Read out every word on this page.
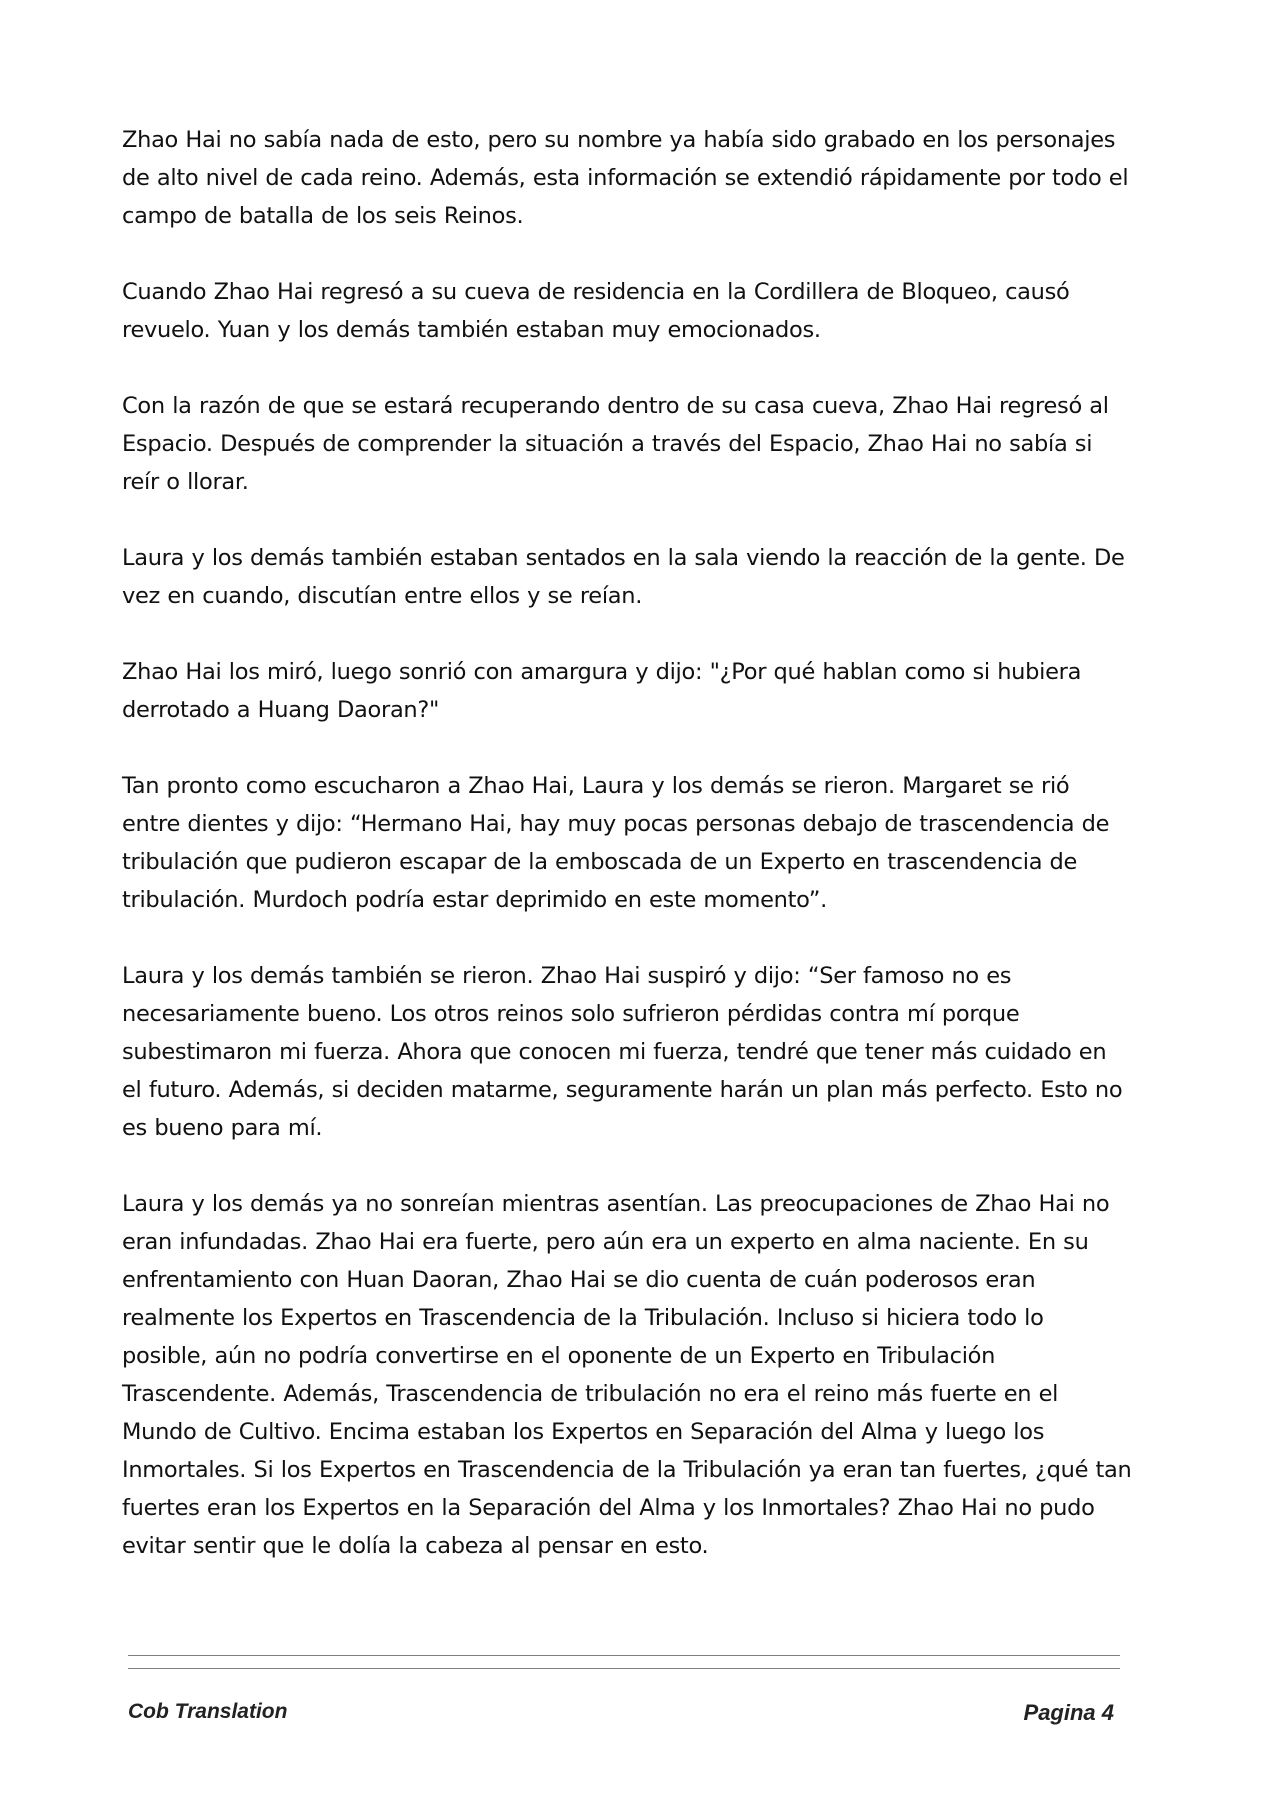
Zhao Hai no sabía nada de esto, pero su nombre ya había sido grabado en los personajes de alto nivel de cada reino. Además, esta información se extendió rápidamente por todo el campo de batalla de los seis Reinos.

Cuando Zhao Hai regresó a su cueva de residencia en la Cordillera de Bloqueo, causó revuelo. Yuan y los demás también estaban muy emocionados.

Con la razón de que se estará recuperando dentro de su casa cueva, Zhao Hai regresó al Espacio. Después de comprender la situación a través del Espacio, Zhao Hai no sabía si reír o llorar.

Laura y los demás también estaban sentados en la sala viendo la reacción de la gente. De vez en cuando, discutían entre ellos y se reían.

Zhao Hai los miró, luego sonrió con amargura y dijo: "¿Por qué hablan como si hubiera derrotado a Huang Daoran?"

Tan pronto como escucharon a Zhao Hai, Laura y los demás se rieron. Margaret se rió entre dientes y dijo: “Hermano Hai, hay muy pocas personas debajo de trascendencia de tribulación que pudieron escapar de la emboscada de un Experto en trascendencia de tribulación. Murdoch podría estar deprimido en este momento”.

Laura y los demás también se rieron. Zhao Hai suspiró y dijo: “Ser famoso no es necesariamente bueno. Los otros reinos solo sufrieron pérdidas contra mí porque subestimaron mi fuerza. Ahora que conocen mi fuerza, tendré que tener más cuidado en el futuro. Además, si deciden matarme, seguramente harán un plan más perfecto. Esto no es bueno para mí.

Laura y los demás ya no sonreían mientras asentían. Las preocupaciones de Zhao Hai no eran infundadas. Zhao Hai era fuerte, pero aún era un experto en alma naciente. En su enfrentamiento con Huan Daoran, Zhao Hai se dio cuenta de cuán poderosos eran realmente los Expertos en Trascendencia de la Tribulación. Incluso si hiciera todo lo posible, aún no podría convertirse en el oponente de un Experto en Tribulación Trascendente. Además, Trascendencia de tribulación no era el reino más fuerte en el Mundo de Cultivo. Encima estaban los Expertos en Separación del Alma y luego los Inmortales. Si los Expertos en Trascendencia de la Tribulación ya eran tan fuertes, ¿qué tan fuertes eran los Expertos en la Separación del Alma y los Inmortales? Zhao Hai no pudo evitar sentir que le dolía la cabeza al pensar en esto.

Cob Translation	Pagina 4
